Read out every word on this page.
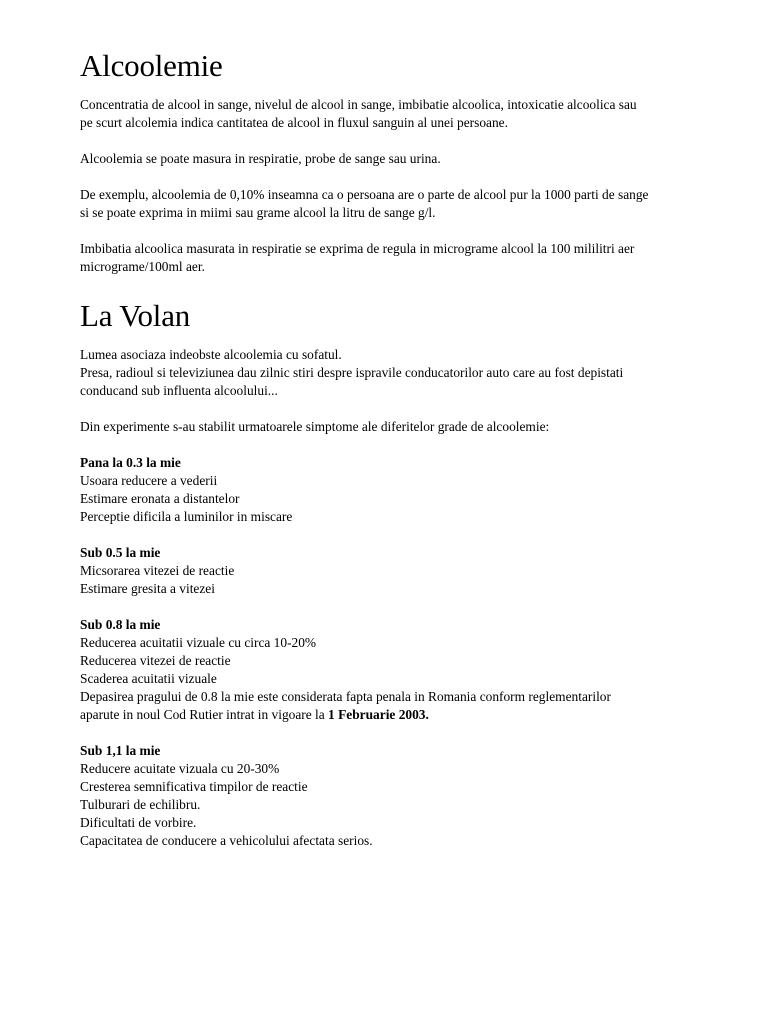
Alcoolemie

Concentratia de alcool in sange, nivelul de alcool in sange, imbibatie alcoolica, intoxicatie alcoolica sau
pe scurt alcolemia indica cantitatea de alcool in fluxul sanguin al unei persoane.

Alcoolemia se poate masura in respiratie, probe de sange sau urina.

De exemplu, alcoolemia de 0,10% inseamna ca o persoana are o parte de alcool pur la 1000 parti de sange
si se poate exprima in miimi sau grame alcool la litru de sange g/l.

Imbibatia alcoolica masurata in respiratie se exprima de regula in micrograme alcool la 100 mililitri aer
micrograme/100ml aer.

La Volan

Lumea asociaza indeobste alcoolemia cu sofatul.
Presa, radioul si televiziunea dau zilnic stiri despre ispravile conducatorilor auto care au fost depistati
conducand sub influenta alcoolului...

Din experimente s-au stabilit urmatoarele simptome ale diferitelor grade de alcoolemie:

Pana la 0.3 la mie
Usoara reducere a vederii
Estimare eronata a distantelor
Perceptie dificila a luminilor in miscare

Sub 0.5 la mie
Micsorarea vitezei de reactie
Estimare gresita a vitezei

Sub 0.8 la mie
Reducerea acuitatii vizuale cu circa 10-20%
Reducerea vitezei de reactie
Scaderea acuitatii vizuale
Depasirea pragului de 0.8 la mie este considerata fapta penala in Romania conform reglementarilor
aparute in noul Cod Rutier intrat in vigoare la 1 Februarie 2003.

Sub 1,1 la mie
Reducere acuitate vizuala cu 20-30%
Cresterea semnificativa timpilor de reactie
Tulburari de echilibru.
Dificultati de vorbire.
Capacitatea de conducere a vehicolului afectata serios.
